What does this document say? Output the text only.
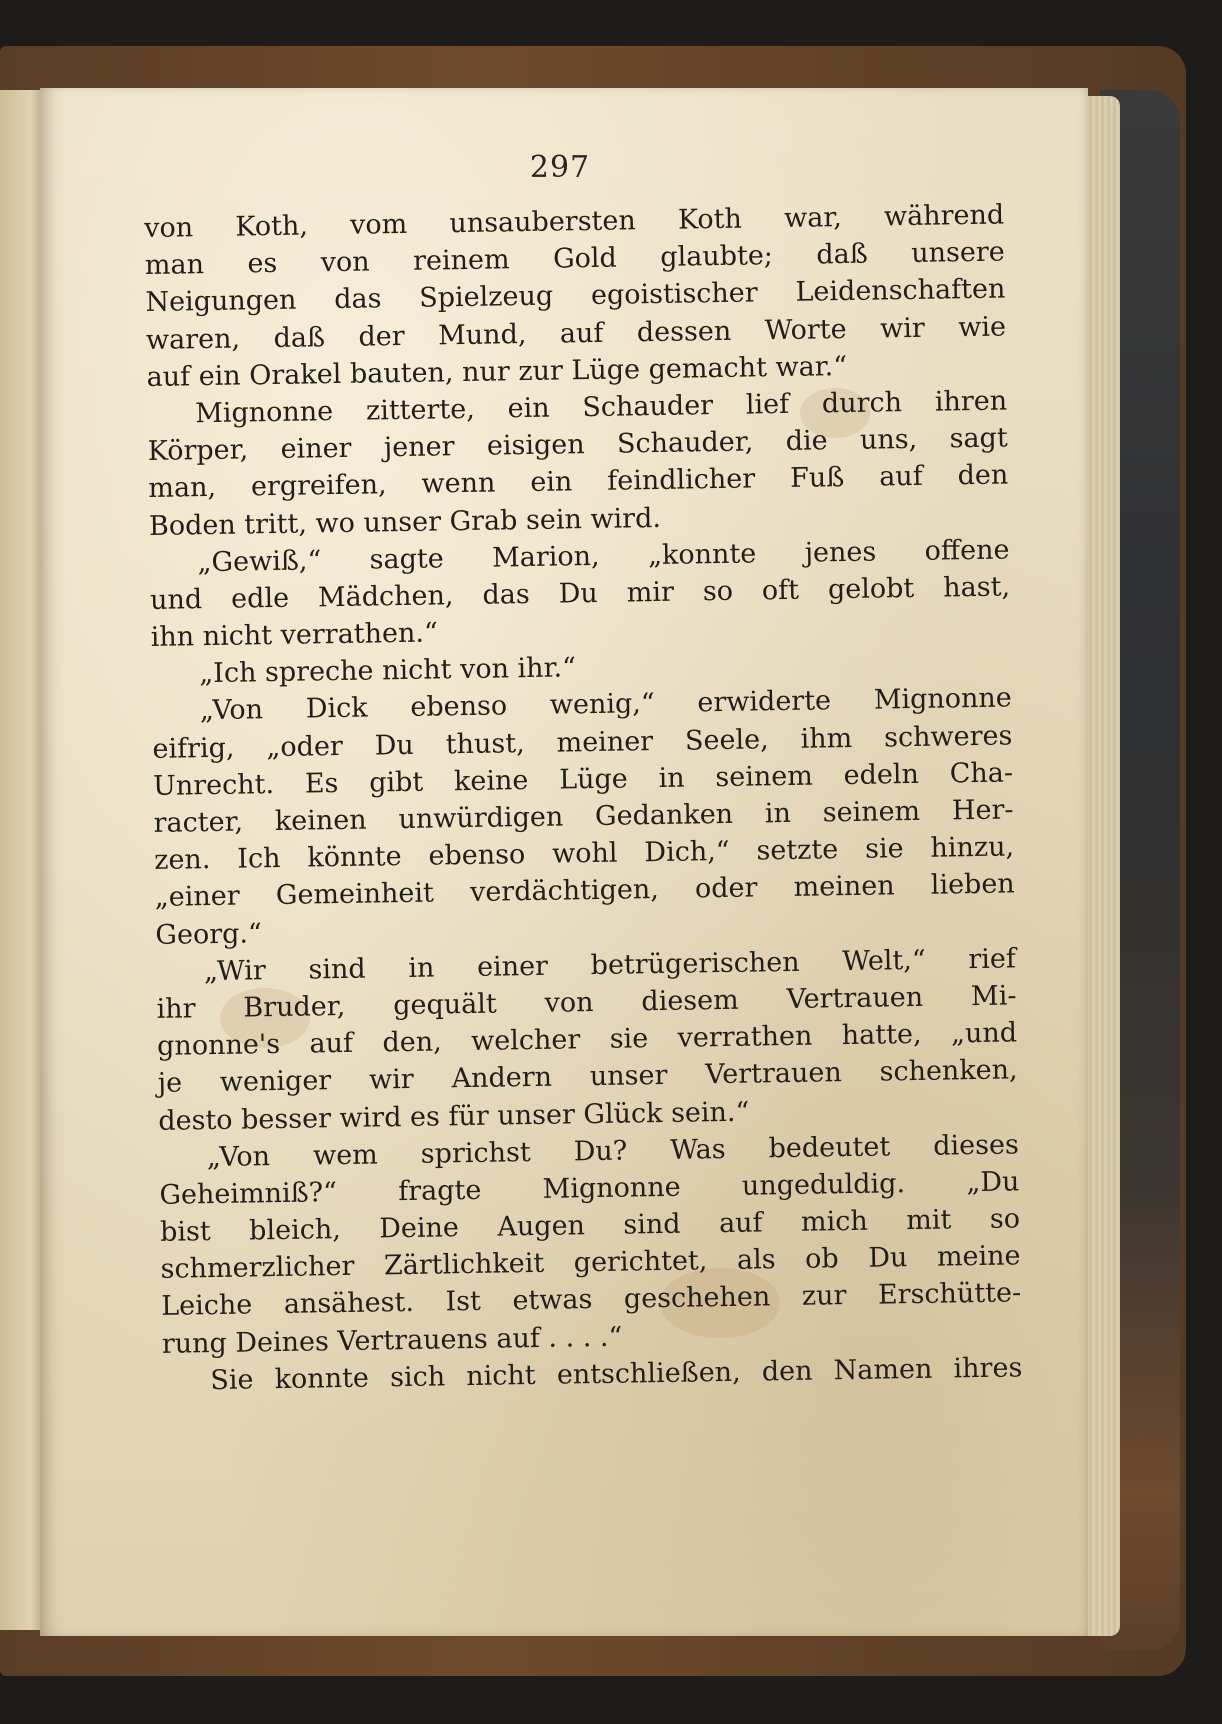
297
von Koth, vom unsaubersten Koth war, während
man es von reinem Gold glaubte; daß unsere
Neigungen das Spielzeug egoistischer Leidenschaften
waren, daß der Mund, auf dessen Worte wir wie
auf ein Orakel bauten, nur zur Lüge gemacht war.“
Mignonne zitterte, ein Schauder lief durch ihren
Körper, einer jener eisigen Schauder, die uns, sagt
man, ergreifen, wenn ein feindlicher Fuß auf den
Boden tritt, wo unser Grab sein wird.
„Gewiß,“ sagte Marion, „konnte jenes offene
und edle Mädchen, das Du mir so oft gelobt hast,
ihn nicht verrathen.“
„Ich spreche nicht von ihr.“
„Von Dick ebenso wenig,“ erwiderte Mignonne
eifrig, „oder Du thust, meiner Seele, ihm schweres
Unrecht. Es gibt keine Lüge in seinem edeln Cha-
racter, keinen unwürdigen Gedanken in seinem Her-
zen. Ich könnte ebenso wohl Dich,“ setzte sie hinzu,
„einer Gemeinheit verdächtigen, oder meinen lieben
Georg.“
„Wir sind in einer betrügerischen Welt,“ rief
ihr Bruder, gequält von diesem Vertrauen Mi-
gnonne's auf den, welcher sie verrathen hatte, „und
je weniger wir Andern unser Vertrauen schenken,
desto besser wird es für unser Glück sein.“
„Von wem sprichst Du? Was bedeutet dieses
Geheimniß?“ fragte Mignonne ungeduldig. „Du
bist bleich, Deine Augen sind auf mich mit so
schmerzlicher Zärtlichkeit gerichtet, als ob Du meine
Leiche ansähest. Ist etwas geschehen zur Erschütte-
rung Deines Vertrauens auf . . . .“
Sie konnte sich nicht entschließen, den Namen ihres
